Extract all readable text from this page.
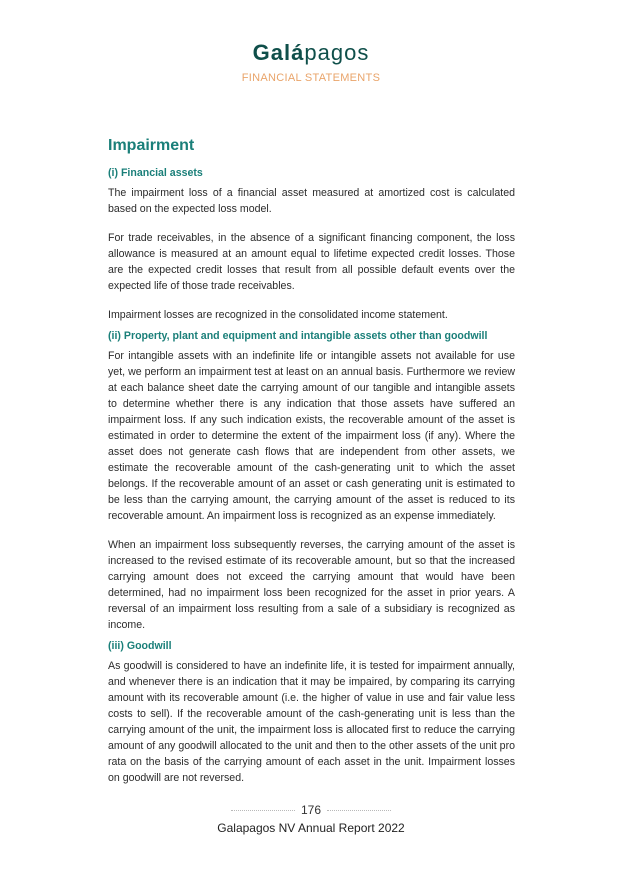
Galápagos
FINANCIAL STATEMENTS
Impairment
(i) Financial assets

The impairment loss of a financial asset measured at amortized cost is calculated based on the expected loss model.

For trade receivables, in the absence of a significant financing component, the loss allowance is measured at an amount equal to lifetime expected credit losses. Those are the expected credit losses that result from all possible default events over the expected life of those trade receivables.

Impairment losses are recognized in the consolidated income statement.

(ii) Property, plant and equipment and intangible assets other than goodwill

For intangible assets with an indefinite life or intangible assets not available for use yet, we perform an impairment test at least on an annual basis. Furthermore we review at each balance sheet date the carrying amount of our tangible and intangible assets to determine whether there is any indication that those assets have suffered an impairment loss. If any such indication exists, the recoverable amount of the asset is estimated in order to determine the extent of the impairment loss (if any). Where the asset does not generate cash flows that are independent from other assets, we estimate the recoverable amount of the cash-generating unit to which the asset belongs. If the recoverable amount of an asset or cash generating unit is estimated to be less than the carrying amount, the carrying amount of the asset is reduced to its recoverable amount. An impairment loss is recognized as an expense immediately.

When an impairment loss subsequently reverses, the carrying amount of the asset is increased to the revised estimate of its recoverable amount, but so that the increased carrying amount does not exceed the carrying amount that would have been determined, had no impairment loss been recognized for the asset in prior years. A reversal of an impairment loss resulting from a sale of a subsidiary is recognized as income.

(iii) Goodwill

As goodwill is considered to have an indefinite life, it is tested for impairment annually, and whenever there is an indication that it may be impaired, by comparing its carrying amount with its recoverable amount (i.e. the higher of value in use and fair value less costs to sell). If the recoverable amount of the cash-generating unit is less than the carrying amount of the unit, the impairment loss is allocated first to reduce the carrying amount of any goodwill allocated to the unit and then to the other assets of the unit pro rata on the basis of the carrying amount of each asset in the unit. Impairment losses on goodwill are not reversed.

176
Galapagos NV Annual Report 2022
